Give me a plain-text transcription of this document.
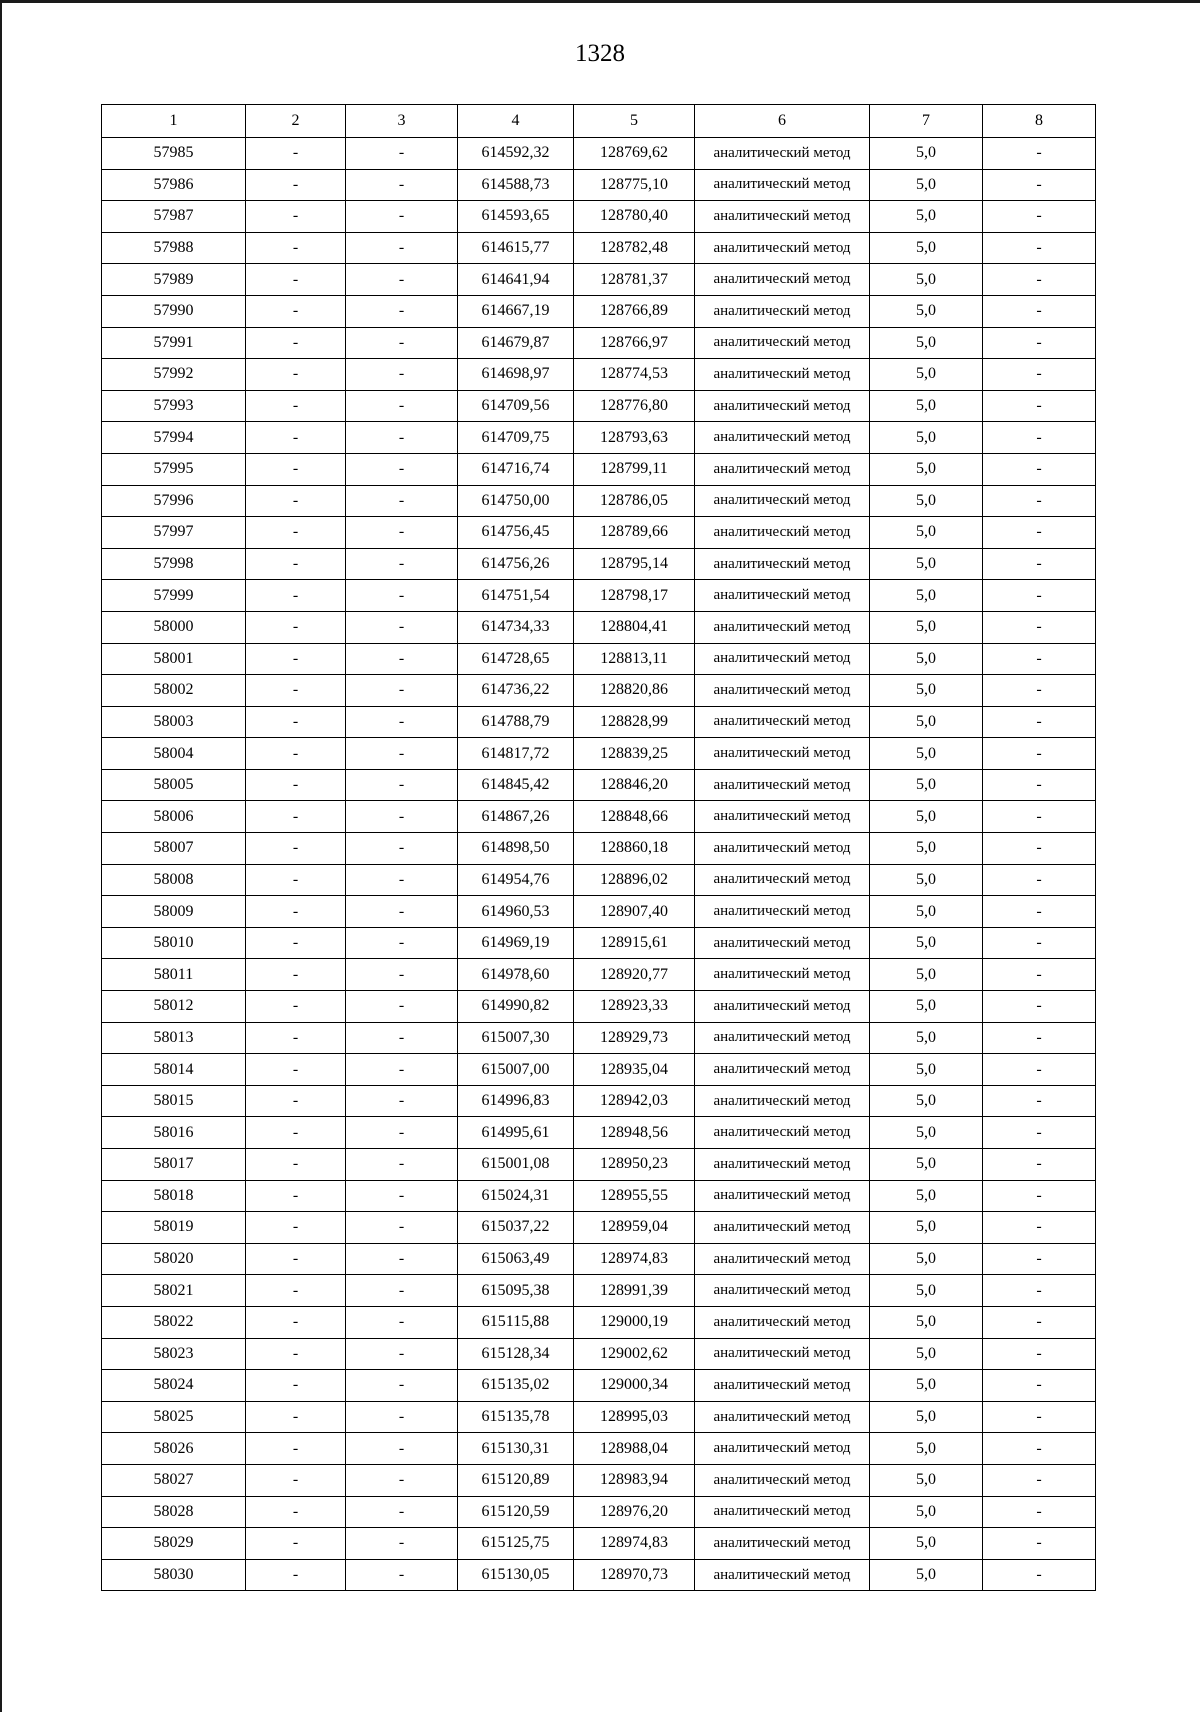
1328
1	2	3	4	5	6	7	8
57985	-	-	614592,32	128769,62	аналитический метод	5,0	-
57986	-	-	614588,73	128775,10	аналитический метод	5,0	-
57987	-	-	614593,65	128780,40	аналитический метод	5,0	-
57988	-	-	614615,77	128782,48	аналитический метод	5,0	-
57989	-	-	614641,94	128781,37	аналитический метод	5,0	-
57990	-	-	614667,19	128766,89	аналитический метод	5,0	-
57991	-	-	614679,87	128766,97	аналитический метод	5,0	-
57992	-	-	614698,97	128774,53	аналитический метод	5,0	-
57993	-	-	614709,56	128776,80	аналитический метод	5,0	-
57994	-	-	614709,75	128793,63	аналитический метод	5,0	-
57995	-	-	614716,74	128799,11	аналитический метод	5,0	-
57996	-	-	614750,00	128786,05	аналитический метод	5,0	-
57997	-	-	614756,45	128789,66	аналитический метод	5,0	-
57998	-	-	614756,26	128795,14	аналитический метод	5,0	-
57999	-	-	614751,54	128798,17	аналитический метод	5,0	-
58000	-	-	614734,33	128804,41	аналитический метод	5,0	-
58001	-	-	614728,65	128813,11	аналитический метод	5,0	-
58002	-	-	614736,22	128820,86	аналитический метод	5,0	-
58003	-	-	614788,79	128828,99	аналитический метод	5,0	-
58004	-	-	614817,72	128839,25	аналитический метод	5,0	-
58005	-	-	614845,42	128846,20	аналитический метод	5,0	-
58006	-	-	614867,26	128848,66	аналитический метод	5,0	-
58007	-	-	614898,50	128860,18	аналитический метод	5,0	-
58008	-	-	614954,76	128896,02	аналитический метод	5,0	-
58009	-	-	614960,53	128907,40	аналитический метод	5,0	-
58010	-	-	614969,19	128915,61	аналитический метод	5,0	-
58011	-	-	614978,60	128920,77	аналитический метод	5,0	-
58012	-	-	614990,82	128923,33	аналитический метод	5,0	-
58013	-	-	615007,30	128929,73	аналитический метод	5,0	-
58014	-	-	615007,00	128935,04	аналитический метод	5,0	-
58015	-	-	614996,83	128942,03	аналитический метод	5,0	-
58016	-	-	614995,61	128948,56	аналитический метод	5,0	-
58017	-	-	615001,08	128950,23	аналитический метод	5,0	-
58018	-	-	615024,31	128955,55	аналитический метод	5,0	-
58019	-	-	615037,22	128959,04	аналитический метод	5,0	-
58020	-	-	615063,49	128974,83	аналитический метод	5,0	-
58021	-	-	615095,38	128991,39	аналитический метод	5,0	-
58022	-	-	615115,88	129000,19	аналитический метод	5,0	-
58023	-	-	615128,34	129002,62	аналитический метод	5,0	-
58024	-	-	615135,02	129000,34	аналитический метод	5,0	-
58025	-	-	615135,78	128995,03	аналитический метод	5,0	-
58026	-	-	615130,31	128988,04	аналитический метод	5,0	-
58027	-	-	615120,89	128983,94	аналитический метод	5,0	-
58028	-	-	615120,59	128976,20	аналитический метод	5,0	-
58029	-	-	615125,75	128974,83	аналитический метод	5,0	-
58030	-	-	615130,05	128970,73	аналитический метод	5,0	-
